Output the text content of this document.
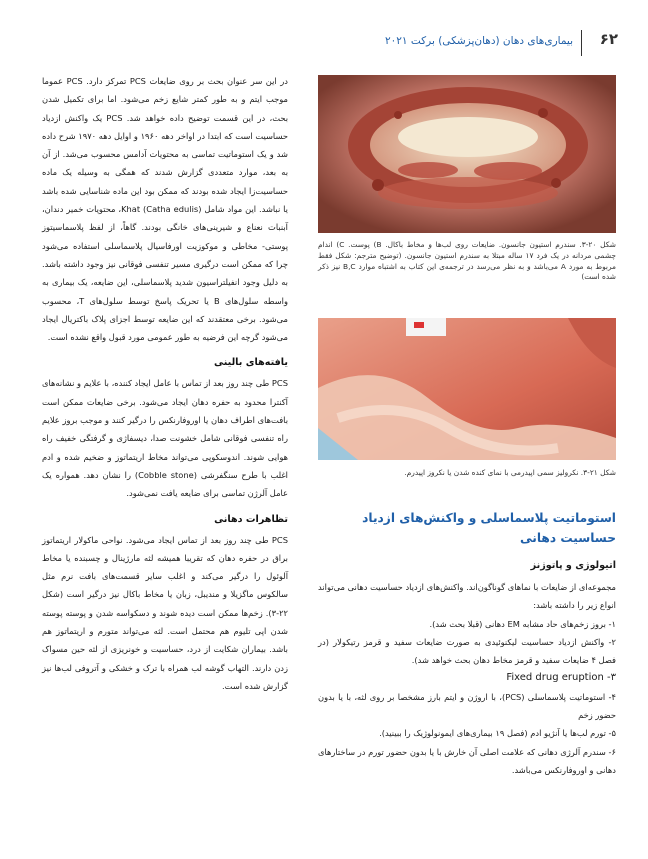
بیماری‌های دهان (دهان‌پزشکی) برکت ۲۰۲۱ ۶۲

در این سر عنوان بحث بر روی ضایعات PCS تمرکز دارد. PCS عموما موجب ایتم و به طور کمتر شایع زخم می‌شود. اما برای تکمیل شدن بحث، در این قسمت توضیح داده خواهد شد. PCS یک واکنش ازدیاد حساسیت است که ابتدا در اواخر دهه ۱۹۶۰ و اوایل دهه ۱۹۷۰ شرح داده شد و یک استوماتیت تماسی به محتویات آدامس محسوب می‌شد. از آن به بعد، موارد متعددی گزارش شدند که همگی به وسیله یک ماده حساسیت‌زا ایجاد شده بودند که ممکن بود این ماده شناسایی شده باشد یا نباشد. این مواد شامل (Catha edulis) Khat، محتویات خمیر دندان، آبنبات نعناع و شیرینی‌های خانگی بودند. گاهاً، از لفظ پلاسماسیتوز پوستی- مخاطی و موکوزیت اورفاسیال پلاسماسلی استفاده می‌شود چرا که ممکن است درگیری مسیر تنفسی فوقانی نیز وجود داشته باشد. به دلیل وجود انفیلتراسیون شدید پلاسماسلی، این ضایعه، یک بیماری به واسطه سلول‌های B یا تحریک پاسخ توسط سلول‌های T، محسوب می‌شود. برخی معتقدند که این ضایعه توسط اجزای پلاک باکتریال ایجاد می‌شود گرچه این فرضیه به طور عمومی مورد قبول واقع نشده است.

یافته‌های بالینی

PCS طی چند روز بعد از تماس با عامل ایجاد کننده، با علایم و نشانه‌های آکنترا محدود به حفره دهان ایجاد می‌شود. برخی ضایعات ممکن است بافت‌های اطراف دهان یا اوروفارنکس را درگیر کنند و موجب بروز علایم راه تنفسی فوقانی شامل خشونت صدا، دیسفاژی و گرفتگی خفیف راه هوایی شوند. اندوسکوپی می‌تواند مخاط اریتماتوز و ضخیم شده و ادم اغلب با طرح سنگفرشی (Cobble stone) را نشان دهد. همواره یک عامل آلرژن تماسی برای ضایعه یافت نمی‌شود.

تظاهرات دهانی

PCS طی چند روز بعد از تماس ایجاد می‌شود. نواحی ماکولار اریتماتوز براق در حفره دهان که تقریبا همیشه لثه مارژینال و چسبنده یا مخاط آلوئول را درگیر می‌کند و اغلب سایر قسمت‌های بافت نرم مثل سالکوس ماگزیلا و مندیبل، زبان یا مخاط باکال نیز درگیر است (شکل ۲۲-۳). زخم‌ها ممکن است دیده شوند و دسکواسه شدن و پوسته پوسته شدن اپی تلیوم هم محتمل است. لثه می‌تواند متورم و اریتماتوز هم باشد. بیماران شکایت از درد، حساسیت و خونریزی از لثه حین مسواک زدن دارند. التهاب گوشه لب همراه با ترک و خشکی و آتروفی لب‌ها نیز گزارش شده است.

شکل ۲۰-۳. سندرم استیون جانسون. ضایعات روی لب‌ها و مخاط باکال. B) پوست. C) اندام چشمی مردانه در یک فرد ۱۷ ساله مبتلا به سندرم استیون جانسون. (توضیح مترجم: شکل فقط مربوط به مورد A می‌باشد و به نظر می‌رسد در ترجمه‌ی این کتاب به اشتباه موارد B,C نیز ذکر شده است)
شکل ۲۱-۳. نکرولیز سمی اپیدرمی با نمای کنده شدن یا نکروز اپیدرم.
استوماتیت پلاسماسلی و واکنش‌های ازدیاد حساسیت دهانی
اتیولوژی و پاتوژنز

مجموعه‌ای از ضایعات با نماهای گوناگون‌اند. واکنش‌های ازدیاد حساسیت دهانی می‌تواند انواع زیر را داشته باشد:

۱- بروز زخم‌های حاد مشابه EM دهانی (قبلا بحث شد).

۲- واکنش ازدیاد حساسیت لیکنوئیدی به صورت ضایعات سفید و قرمز رتیکولار (در فصل ۴ ضایعات سفید و قرمز مخاط دهان بحث خواهد شد).

Fixed drug eruption -۳

۴- استوماتیت پلاسماسلی (PCS)، با اروژن و ایتم بارز مشخصا بر روی لثه، با یا بدون حضور زخم

۵- تورم لب‌ها یا آنژیو ادم (فصل ۱۹ بیماری‌های ایمونولوژیک را ببینید).

۶- سندرم آلرژی دهانی که علامت اصلی آن خارش با یا بدون حضور تورم در ساختارهای دهانی و اوروفارنکس می‌باشد.
